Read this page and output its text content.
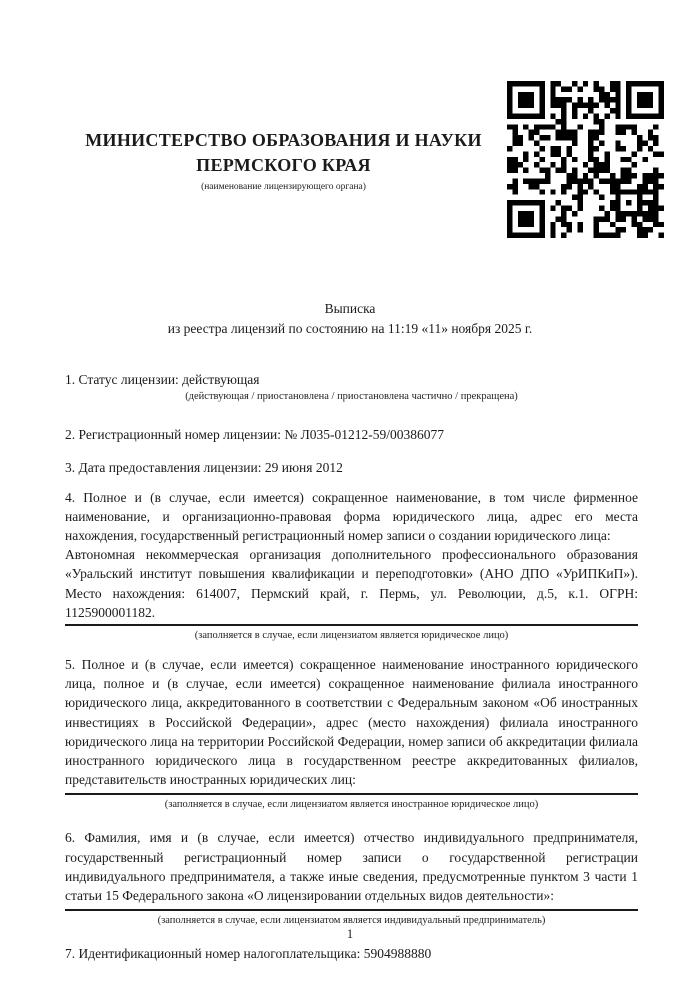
МИНИСТЕРСТВО ОБРАЗОВАНИЯ И НАУКИ ПЕРМСКОГО КРАЯ
(наименование лицензирующего органа)
Выписка
из реестра лицензий по состоянию на 11:19 «11» ноября 2025 г.
1. Статус лицензии: действующая
(действующая / приостановлена / приостановлена частично / прекращена)
2. Регистрационный номер лицензии: № Л035-01212-59/00386077
3. Дата предоставления лицензии: 29 июня 2012
4. Полное и (в случае, если имеется) сокращенное наименование, в том числе фирменное наименование, и организационно-правовая форма юридического лица, адрес его места нахождения, государственный регистрационный номер записи о создании юридического лица:
Автономная некоммерческая организация дополнительного профессионального образования «Уральский институт повышения квалификации и переподготовки» (АНО ДПО «УрИПКиП»). Место нахождения: 614007, Пермский край, г. Пермь, ул. Революции, д.5, к.1. ОГРН: 1125900001182.
(заполняется в случае, если лицензиатом является юридическое лицо)
5. Полное и (в случае, если имеется) сокращенное наименование иностранного юридического лица, полное и (в случае, если имеется) сокращенное наименование филиала иностранного юридического лица, аккредитованного в соответствии с Федеральным законом «Об иностранных инвестициях в Российской Федерации», адрес (место нахождения) филиала иностранного юридического лица на территории Российской Федерации, номер записи об аккредитации филиала иностранного юридического лица в государственном реестре аккредитованных филиалов, представительств иностранных юридических лиц:
(заполняется в случае, если лицензиатом является иностранное юридическое лицо)
6. Фамилия, имя и (в случае, если имеется) отчество индивидуального предпринимателя, государственный регистрационный номер записи о государственной регистрации индивидуального предпринимателя, а также иные сведения, предусмотренные пунктом 3 части 1 статьи 15 Федерального закона «О лицензировании отдельных видов деятельности»:
(заполняется в случае, если лицензиатом является индивидуальный предприниматель)
7. Идентификационный номер налогоплательщика: 5904988880
1
